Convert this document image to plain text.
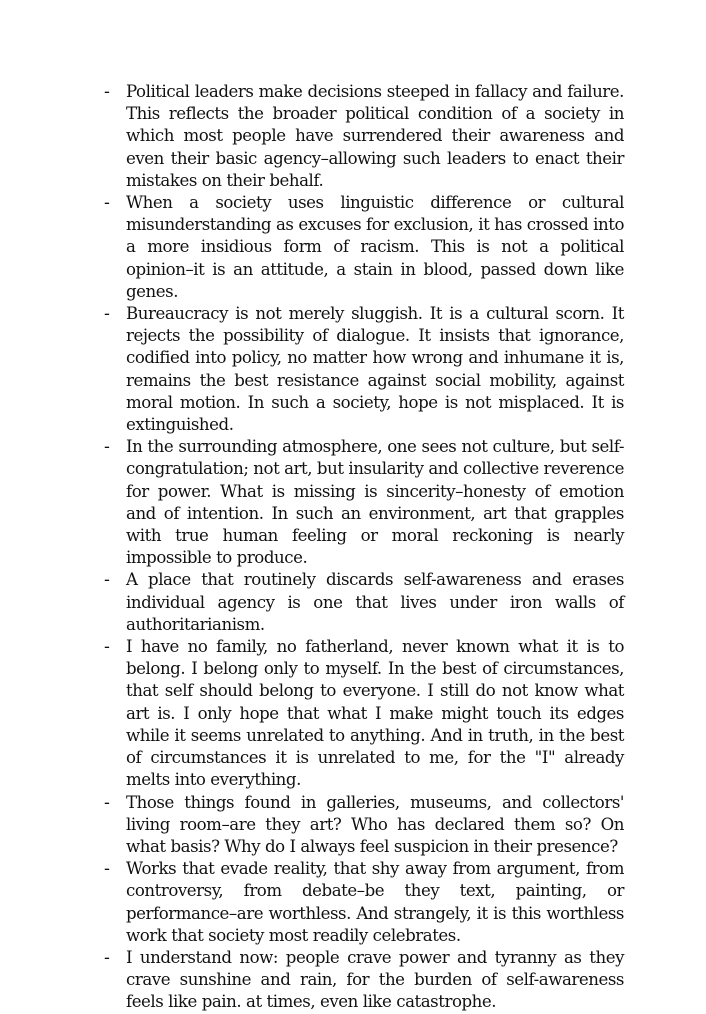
- Political leaders make decisions steeped in fallacy and failure. This reflects the broader political condition of a society in which most people have surrendered their awareness and even their basic agency–allowing such leaders to enact their mistakes on their behalf.
- When a society uses linguistic difference or cultural misunderstanding as excuses for exclusion, it has crossed into a more insidious form of racism. This is not a political opinion–it is an attitude, a stain in blood, passed down like genes.
- Bureaucracy is not merely sluggish. It is a cultural scorn. It rejects the possibility of dialogue. It insists that ignorance, codified into policy, no matter how wrong and inhumane it is, remains the best resistance against social mobility, against moral motion. In such a society, hope is not misplaced. It is extinguished.
- In the surrounding atmosphere, one sees not culture, but self-congratulation; not art, but insularity and collective reverence for power. What is missing is sincerity–honesty of emotion and of intention. In such an environment, art that grapples with true human feeling or moral reckoning is nearly impossible to produce.
- A place that routinely discards self-awareness and erases individual agency is one that lives under iron walls of authoritarianism.
- I have no family, no fatherland, never known what it is to belong. I belong only to myself. In the best of circumstances, that self should belong to everyone. I still do not know what art is. I only hope that what I make might touch its edges while it seems unrelated to anything. And in truth, in the best of circumstances it is unrelated to me, for the "I" already melts into everything.
- Those things found in galleries, museums, and collectors' living room–are they art? Who has declared them so? On what basis? Why do I always feel suspicion in their presence?
- Works that evade reality, that shy away from argument, from controversy, from debate–be they text, painting, or performance–are worthless. And strangely, it is this worthless work that society most readily celebrates.
- I understand now: people crave power and tyranny as they crave sunshine and rain, for the burden of self-awareness feels like pain. at times, even like catastrophe.
